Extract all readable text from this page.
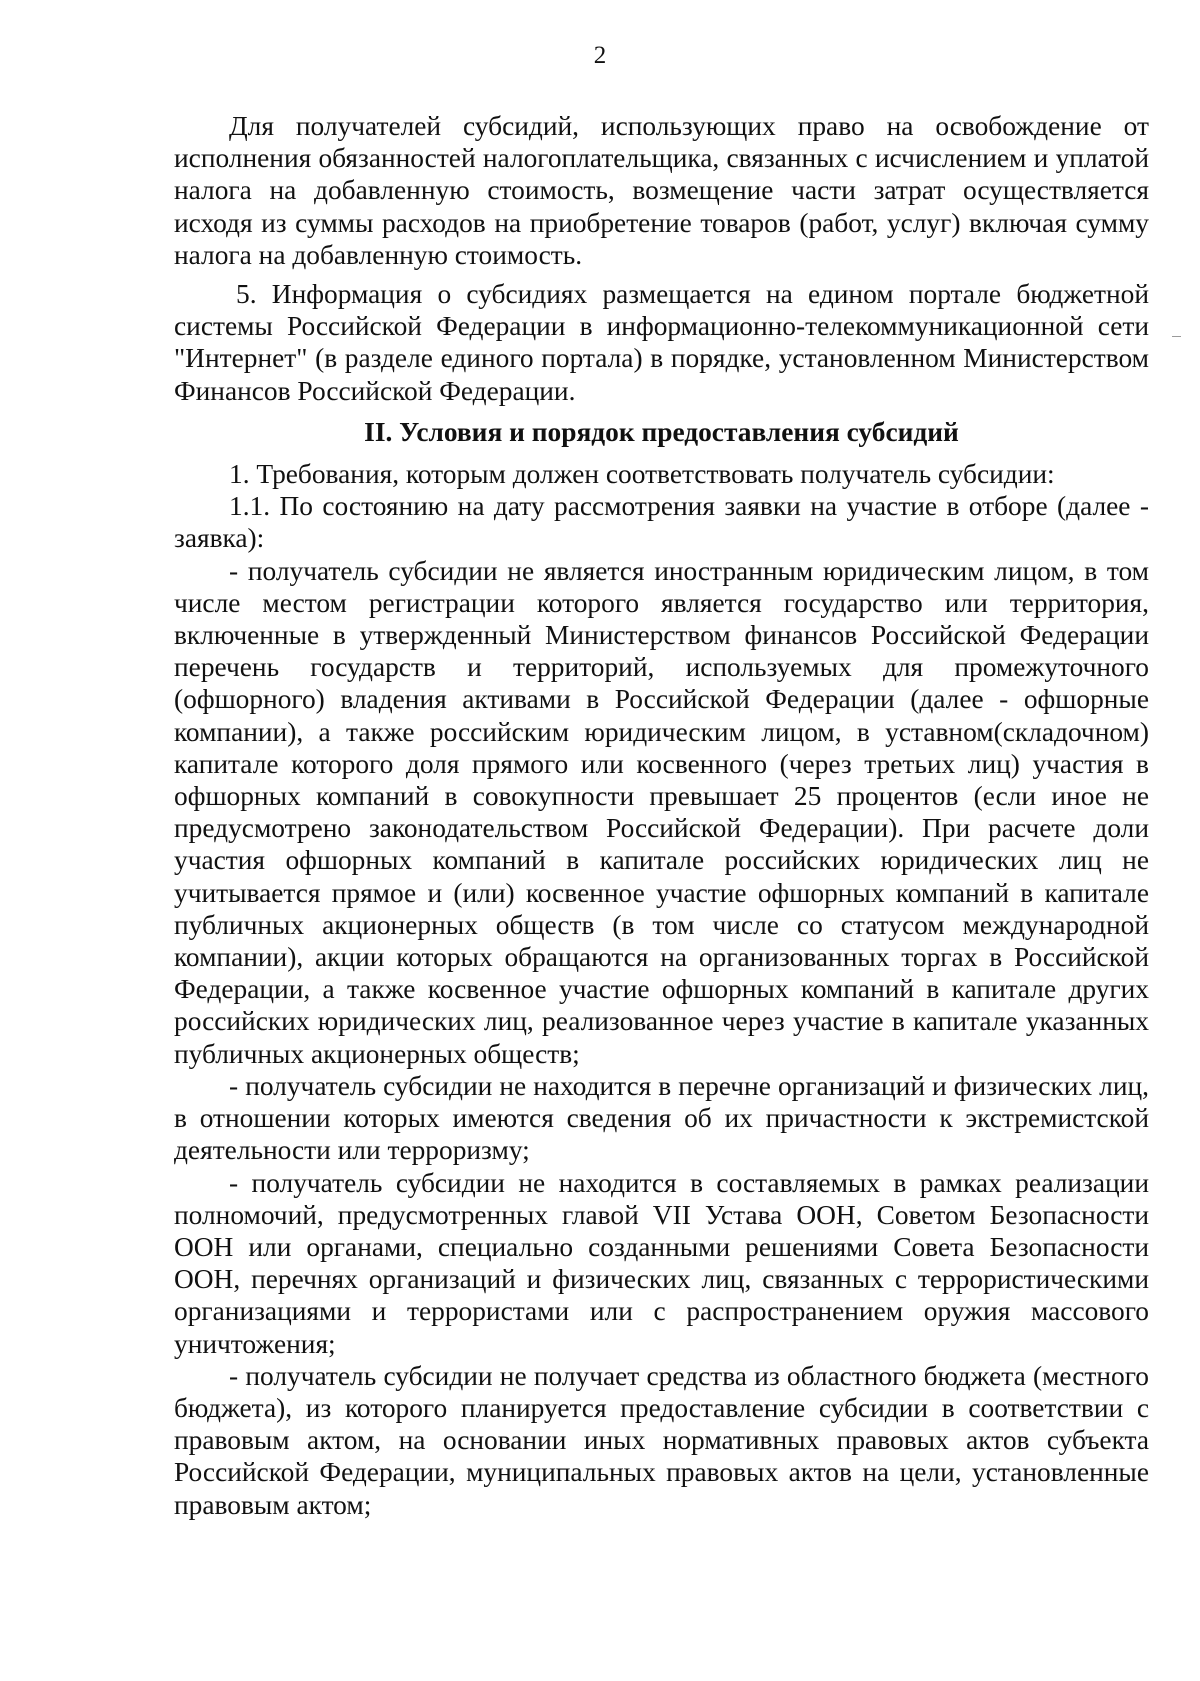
2

Для получателей субсидий, использующих право на освобождение от исполнения обязанностей налогоплательщика, связанных с исчислением и уплатой налога на добавленную стоимость, возмещение части затрат осуществляется исходя из суммы расходов на приобретение товаров (работ, услуг) включая сумму налога на добавленную стоимость.

5. Информация о субсидиях размещается на едином портале бюджетной системы Российской Федерации в информационно-телекоммуникационной сети "Интернет" (в разделе единого портала) в порядке, установленном Министерством Финансов Российской Федерации.

II. Условия и порядок предоставления субсидий

1. Требования, которым должен соответствовать получатель субсидии:

1.1. По состоянию на дату рассмотрения заявки на участие в отборе (далее - заявка):

- получатель субсидии не является иностранным юридическим лицом, в том числе местом регистрации которого является государство или территория, включенные в утвержденный Министерством финансов Российской Федерации перечень государств и территорий, используемых для промежуточного (офшорного) владения активами в Российской Федерации (далее - офшорные компании), а также российским юридическим лицом, в уставном(складочном) капитале которого доля прямого или косвенного (через третьих лиц) участия в офшорных компаний в совокупности превышает 25 процентов (если иное не предусмотрено законодательством Российской Федерации). При расчете доли участия офшорных компаний в капитале российских юридических лиц не учитывается прямое и (или) косвенное участие офшорных компаний в капитале публичных акционерных обществ (в том числе со статусом международной компании), акции которых обращаются на организованных торгах в Российской Федерации, а также косвенное участие офшорных компаний в капитале других российских юридических лиц, реализованное через участие в капитале указанных публичных акционерных обществ;

- получатель субсидии не находится в перечне организаций и физических лиц, в отношении которых имеются сведения об их причастности к экстремистской деятельности или терроризму;

- получатель субсидии не находится в составляемых в рамках реализации полномочий, предусмотренных главой VII Устава ООН, Советом Безопасности ООН или органами, специально созданными решениями Совета Безопасности ООН, перечнях организаций и физических лиц, связанных с террористическими организациями и террористами или с распространением оружия массового уничтожения;

- получатель субсидии не получает средства из областного бюджета (местного бюджета), из которого планируется предоставление субсидии в соответствии с правовым актом, на основании иных нормативных правовых актов субъекта Российской Федерации, муниципальных правовых актов на цели, установленные правовым актом;
